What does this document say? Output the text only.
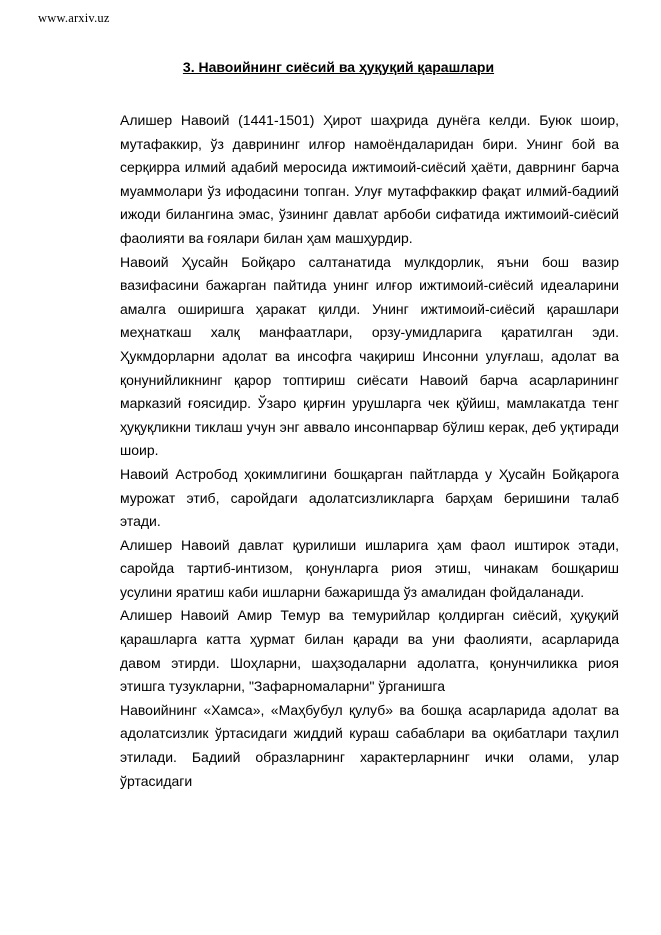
www.arxiv.uz
3. Навоийнинг сиёсий ва ҳуқуқий қарашлари

Алишер Навоий (1441-1501) Ҳирот шаҳрида дунёга келди. Буюк шоир, мутафаккир, ўз даврининг илғор намоёндаларидан бири. Унинг бой ва серқирра илмий адабий меросида ижтимоий-сиёсий ҳаёти, даврнинг барча муаммолари ўз ифодасини топган. Улуғ мутаффаккир фақат илмий-бадиий ижоди билангина эмас, ўзининг давлат арбоби сифатида ижтимоий-сиёсий фаолияти ва ғоялари билан ҳам машҳурдир.

Навоий Ҳусайн Бойқаро салтанатида мулкдорлик, яъни бош вазир вазифасини бажарган пайтида унинг илғор ижтимоий-сиёсий идеаларини амалга оширишга ҳаракат қилди. Унинг ижтимоий-сиёсий қарашлари меҳнаткаш халқ манфаатлари, орзу-умидларига қаратилган эди. Ҳукмдорларни адолат ва инсофга чақириш Инсонни улуғлаш, адолат ва қонунийликнинг қарор топтириш сиёсати Навоий барча асарларининг марказий ғоясидир. Ўзаро қирғин урушларга чек қўйиш, мамлакатда тенг ҳуқуқликни тиклаш учун энг аввало инсонпарвар бўлиш керак, деб уқтиради шоир.

Навоий Астробод ҳокимлигини бошқарган пайтларда у Ҳусайн Бойқарога мурожат этиб, саройдаги адолатсизликларга барҳам беришини талаб этади.

Алишер Навоий давлат қурилиши ишларига ҳам фаол иштирок этади, саройда тартиб-интизом, қонунларга риоя этиш, чинакам бошқариш усулини яратиш каби ишларни бажаришда ўз амалидан фойдаланади.

Алишер Навоий Амир Темур ва темурийлар қолдирган сиёсий, ҳуқуқий қарашларга катта ҳурмат билан қаради ва уни фаолияти, асарларида давом этирди. Шоҳларни, шаҳзодаларни адолатга, қонунчиликка риоя этишга тузукларни, "Зафарномаларни" ўрганишга

Навоийнинг «Хамса», «Маҳбубул қулуб» ва бошқа асарларида адолат ва адолатсизлик ўртасидаги жиддий кураш сабаблари ва оқибатлари таҳлил этилади. Бадиий образларнинг характерларнинг ички олами, улар ўртасидаги
